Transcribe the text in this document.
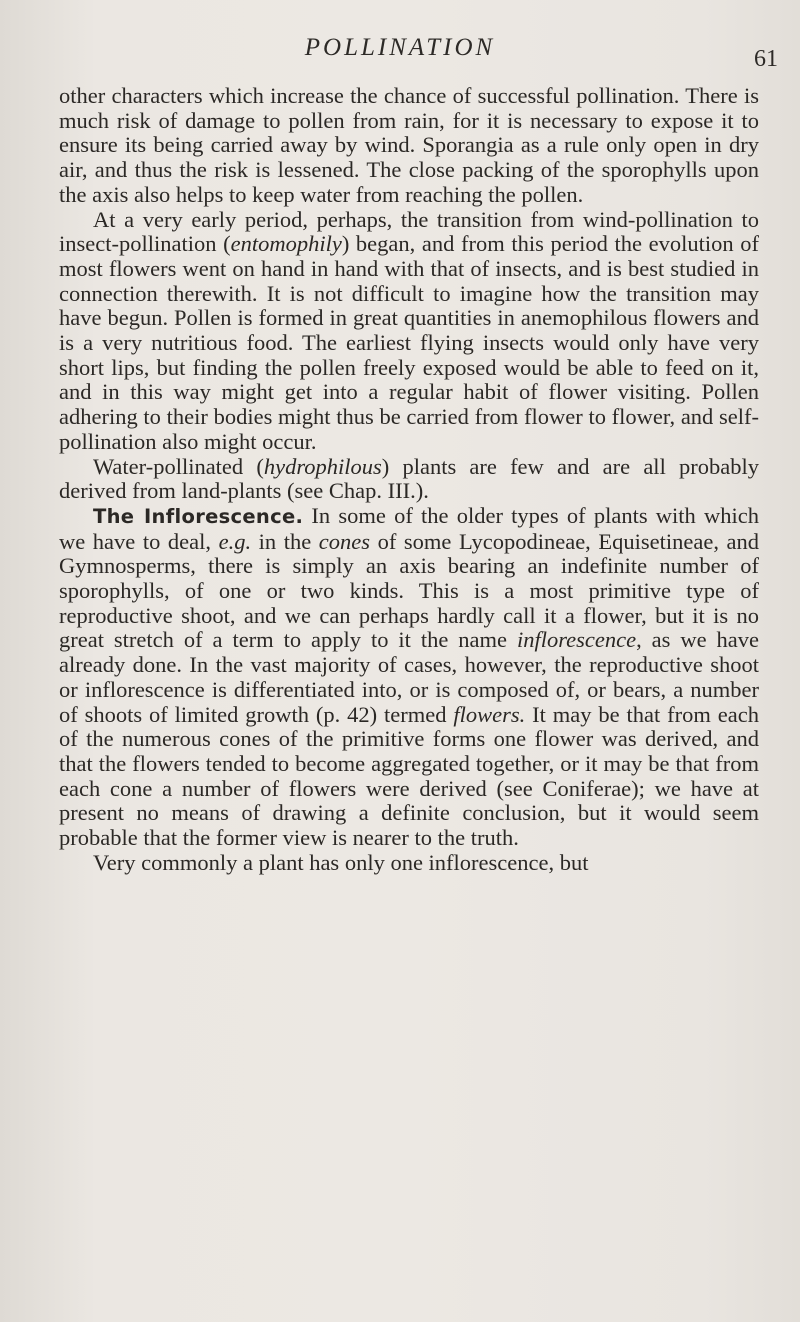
POLLINATION	61

other characters which increase the chance of successful pollination. There is much risk of damage to pollen from rain, for it is necessary to expose it to ensure its being carried away by wind. Sporangia as a rule only open in dry air, and thus the risk is lessened. The close packing of the sporophylls upon the axis also helps to keep water from reaching the pollen.

At a very early period, perhaps, the transition from wind-pollination to insect-pollination (entomophily) began, and from this period the evolution of most flowers went on hand in hand with that of insects, and is best studied in connection therewith. It is not difficult to imagine how the transition may have begun. Pollen is formed in great quantities in anemophilous flowers and is a very nutritious food. The earliest flying insects would only have very short lips, but finding the pollen freely exposed would be able to feed on it, and in this way might get into a regular habit of flower visiting. Pollen adhering to their bodies might thus be carried from flower to flower, and self-pollination also might occur.

Water-pollinated (hydrophilous) plants are few and are all probably derived from land-plants (see Chap. III.).

The Inflorescence. In some of the older types of plants with which we have to deal, e.g. in the cones of some Lycopodineae, Equisetineae, and Gymnosperms, there is simply an axis bearing an indefinite number of sporophylls, of one or two kinds. This is a most primitive type of reproductive shoot, and we can perhaps hardly call it a flower, but it is no great stretch of a term to apply to it the name inflorescence, as we have already done. In the vast majority of cases, however, the reproductive shoot or inflorescence is differentiated into, or is composed of, or bears, a number of shoots of limited growth (p. 42) termed flowers. It may be that from each of the numerous cones of the primitive forms one flower was derived, and that the flowers tended to become aggregated together, or it may be that from each cone a number of flowers were derived (see Coniferae); we have at present no means of drawing a definite conclusion, but it would seem probable that the former view is nearer to the truth.

Very commonly a plant has only one inflorescence, but
